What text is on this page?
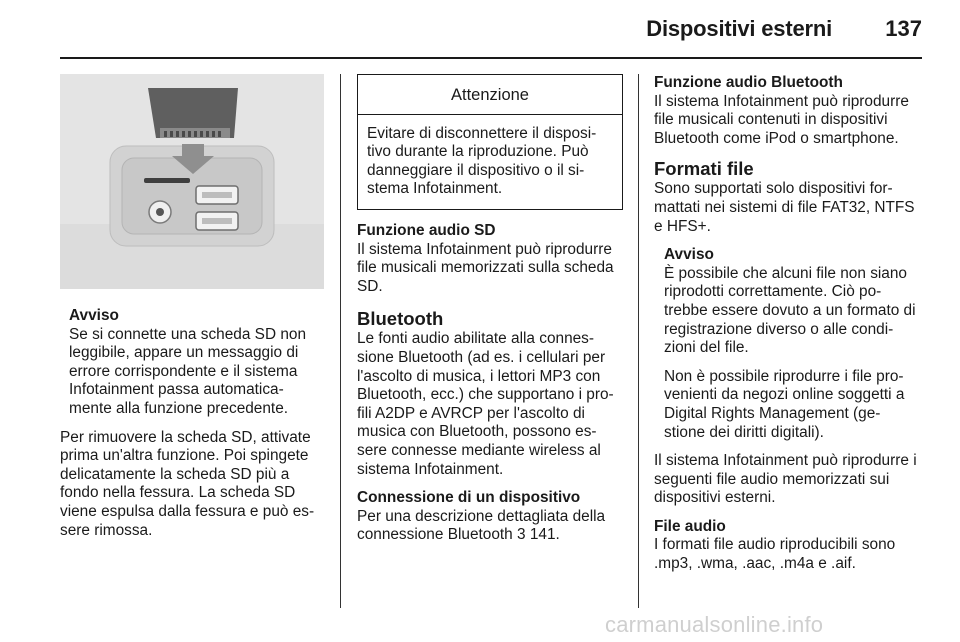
Dispositivi esterni 137
Avviso
Se si connette una scheda SD non leggibile, appare un messaggio di errore corrispondente e il sistema Infotainment passa automatica- mente alla funzione precedente.

Per rimuovere la scheda SD, attivate prima un'altra funzione. Poi spingete delicatamente la scheda SD più a fondo nella fessura. La scheda SD viene espulsa dalla fessura e può es- sere rimossa.

Attenzione
Evitare di disconnettere il disposi- tivo durante la riproduzione. Può danneggiare il dispositivo o il si- stema Infotainment.
Funzione audio SD

Il sistema Infotainment può riprodurre file musicali memorizzati sulla scheda SD.

Bluetooth

Le fonti audio abilitate alla connes- sione Bluetooth (ad es. i cellulari per l'ascolto di musica, i lettori MP3 con Bluetooth, ecc.) che supportano i pro- fili A2DP e AVRCP per l'ascolto di musica con Bluetooth, possono es- sere connesse mediante wireless al sistema Infotainment.

Connessione di un dispositivo

Per una descrizione dettagliata della connessione Bluetooth 3 141.

Funzione audio Bluetooth

Il sistema Infotainment può riprodurre file musicali contenuti in dispositivi Bluetooth come iPod o smartphone.

Formati file

Sono supportati solo dispositivi for- mattati nei sistemi di file FAT32, NTFS e HFS+.

Avviso

È possibile che alcuni file non siano riprodotti correttamente. Ciò po- trebbe essere dovuto a un formato di registrazione diverso o alle condi- zioni del file.

Non è possibile riprodurre i file pro- venienti da negozi online soggetti a Digital Rights Management (ge- stione dei diritti digitali).

Il sistema Infotainment può riprodurre i seguenti file audio memorizzati sui dispositivi esterni.

File audio

I formati file audio riproducibili sono .mp3, .wma, .aac, .m4a e .aif.

carmanualsonline.info
